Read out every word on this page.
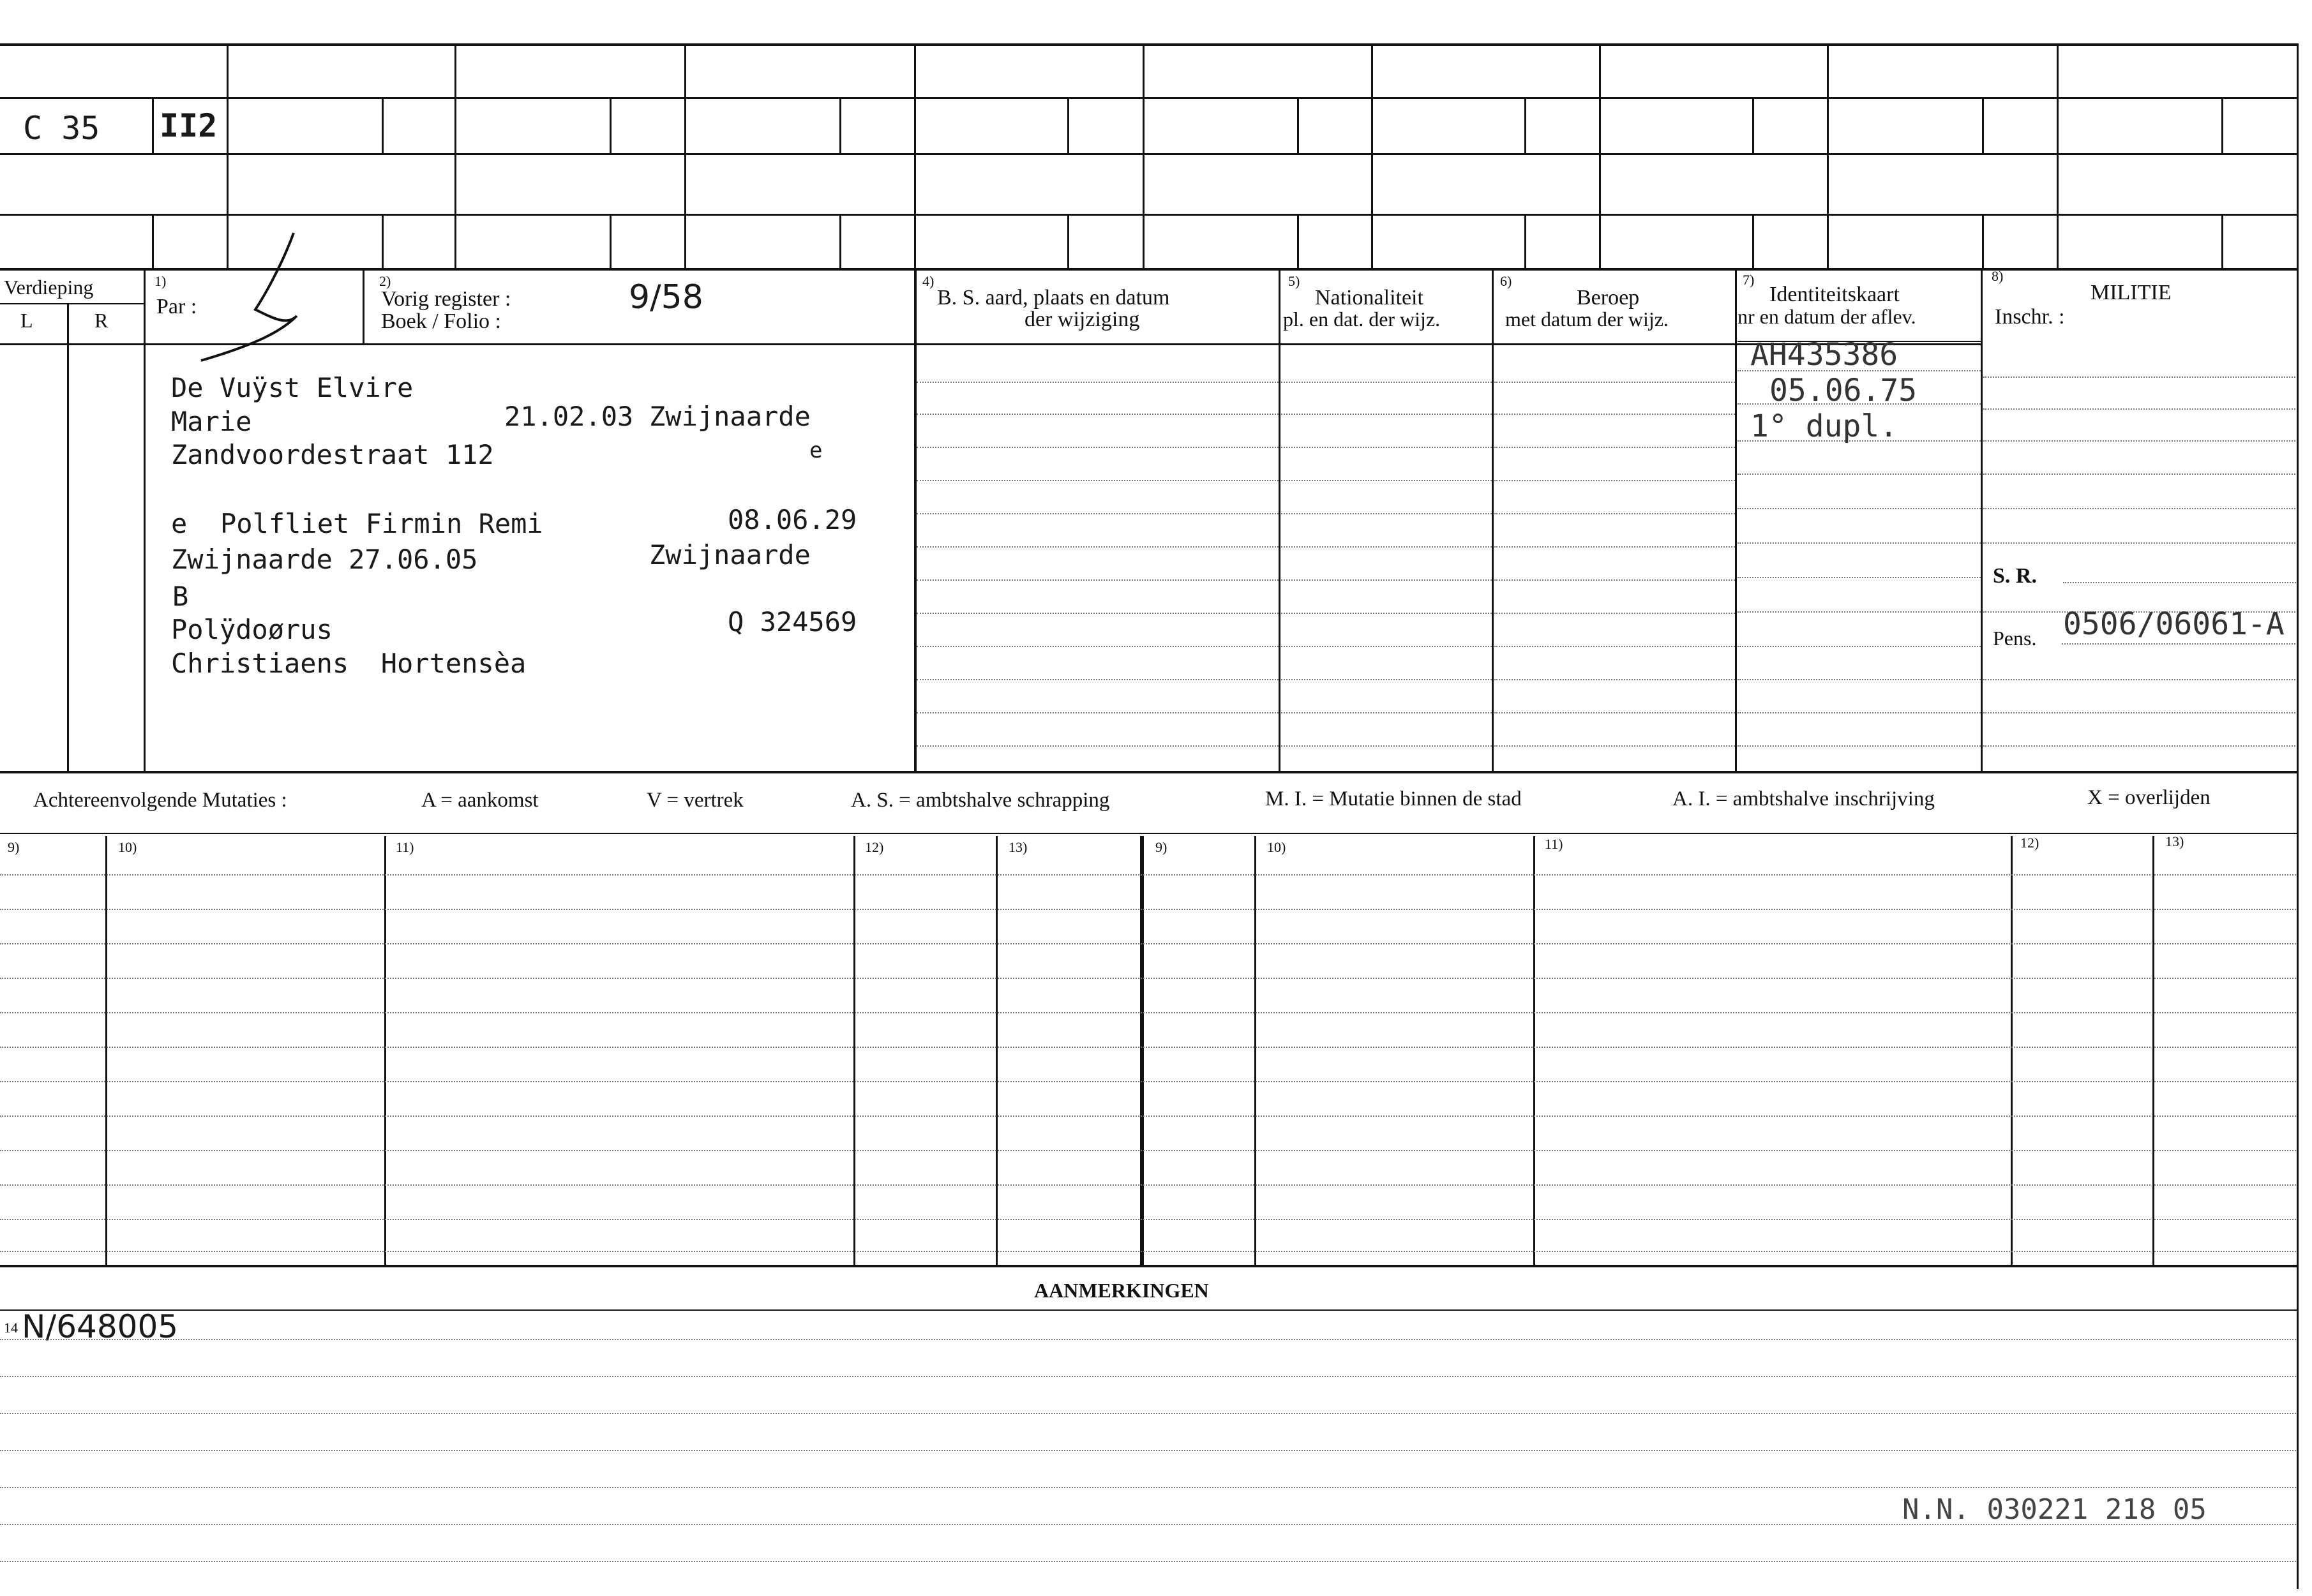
C 35 II2
Verdieping
L	R
1)
Par :
2)
Vorig register :
Boek / Folio :
9/58	4)
B. S. aard, plaats en datum
der wijziging
5)
Nationaliteit
pl. en dat. der wijz.
6)
Beroep
met datum der wijz.
7)
Identiteitskaart
nr en datum der aflev.
8)
MILITIE
Inschr. :
De Vuÿst Elvire
Marie	21.02.03 Zwijnaarde
Zandvoordestraat 112	e
e Polfliet Firmin Remi	08.06.29
Zwijnaarde 27.06.05	Zwijnaarde
B
Polÿdoørus	Q 324569
Christiaens  Hortensèa
AH435386
05.06.75
1° dupl.
S. R.
Pens. 0506/06061-A
Achtereenvolgende Mutaties :	A = aankomst	V = vertrek	A. S. = ambtshalve schrapping	M. I. = Mutatie binnen de stad	A. I. = ambtshalve inschrijving	X = overlijden
9)	10)	11)	12)	13)	9)	10)	11)	12)	13)
AANMERKINGEN
14 N/648005
N.N. 030221 218 05
